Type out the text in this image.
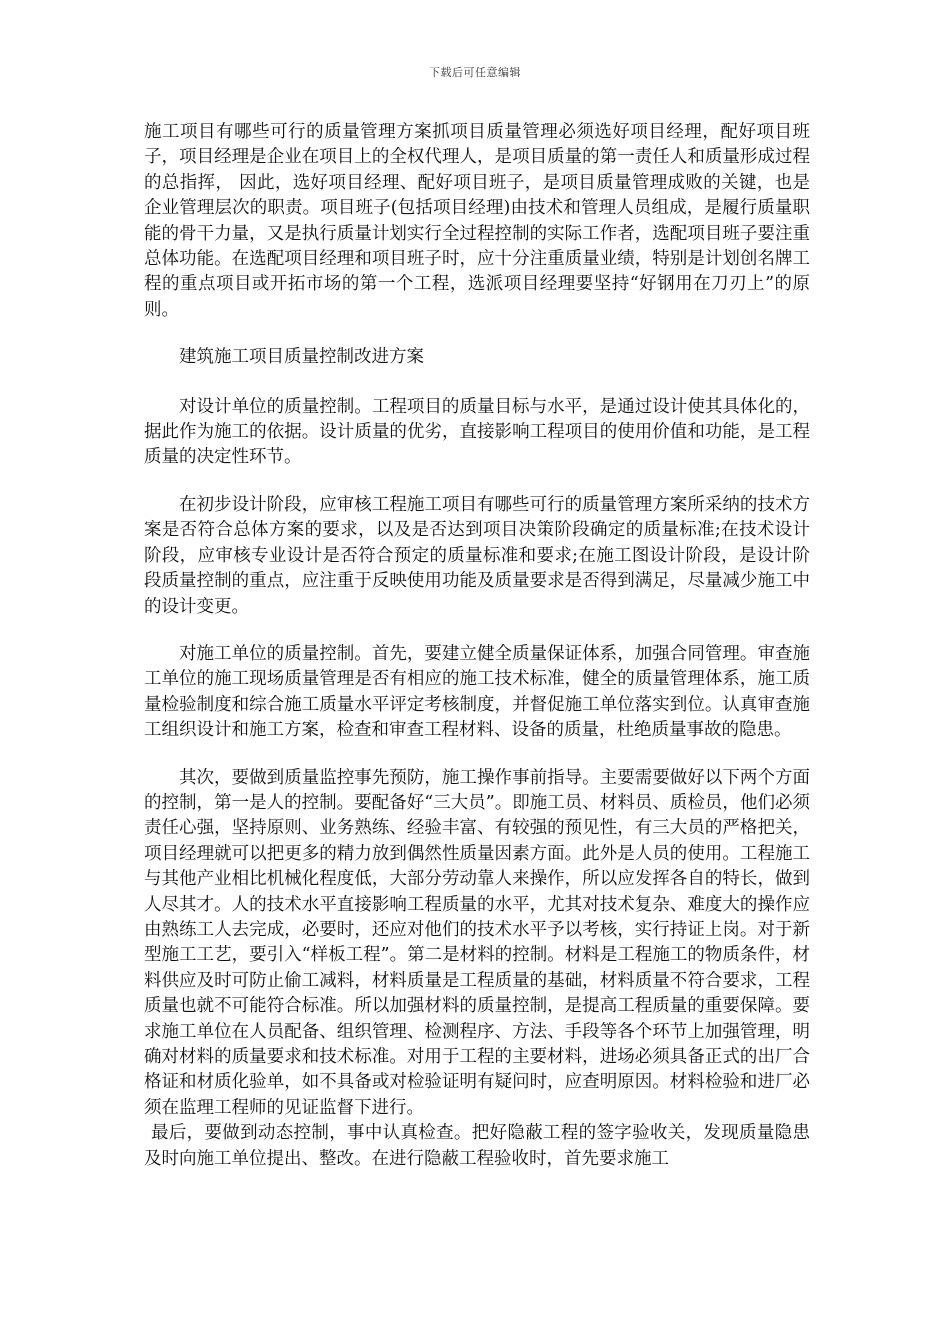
下载后可任意编辑

施工项目有哪些可行的质量管理方案抓项目质量管理必须选好项目经理，配好项目班子，项目经理是企业在项目上的全权代理人，是项目质量的第一责任人和质量形成过程的总指挥， 因此，选好项目经理、配好项目班子，是项目质量管理成败的关键，也是企业管理层次的职责。项目班子(包括项目经理)由技术和管理人员组成，是履行质量职能的骨干力量，又是执行质量计划实行全过程控制的实际工作者，选配项目班子要注重总体功能。在选配项目经理和项目班子时，应十分注重质量业绩，特别是计划创名牌工程的重点项目或开拓市场的第一个工程，选派项目经理要坚持“好钢用在刀刃上”的原则。

建筑施工项目质量控制改进方案

对设计单位的质量控制。工程项目的质量目标与水平，是通过设计使其具体化的，据此作为施工的依据。设计质量的优劣，直接影响工程项目的使用价值和功能，是工程质量的决定性环节。

在初步设计阶段，应审核工程施工项目有哪些可行的质量管理方案所采纳的技术方案是否符合总体方案的要求，以及是否达到项目决策阶段确定的质量标准;在技术设计阶段，应审核专业设计是否符合预定的质量标准和要求;在施工图设计阶段，是设计阶段质量控制的重点，应注重于反映使用功能及质量要求是否得到满足，尽量减少施工中的设计变更。

对施工单位的质量控制。首先，要建立健全质量保证体系，加强合同管理。审查施工单位的施工现场质量管理是否有相应的施工技术标准，健全的质量管理体系，施工质量检验制度和综合施工质量水平评定考核制度，并督促施工单位落实到位。认真审查施工组织设计和施工方案，检查和审查工程材料、设备的质量，杜绝质量事故的隐患。

其次，要做到质量监控事先预防，施工操作事前指导。主要需要做好以下两个方面的控制，第一是人的控制。要配备好“三大员”。即施工员、材料员、质检员，他们必须责任心强，坚持原则、业务熟练、经验丰富、有较强的预见性，有三大员的严格把关，项目经理就可以把更多的精力放到偶然性质量因素方面。此外是人员的使用。工程施工与其他产业相比机械化程度低，大部分劳动靠人来操作，所以应发挥各自的特长，做到人尽其才。人的技术水平直接影响工程质量的水平，尤其对技术复杂、难度大的操作应由熟练工人去完成，必要时，还应对他们的技术水平予以考核，实行持证上岗。对于新型施工工艺，要引入“样板工程”。第二是材料的控制。材料是工程施工的物质条件，材料供应及时可防止偷工减料，材料质量是工程质量的基础，材料质量不符合要求，工程质量也就不可能符合标准。所以加强材料的质量控制，是提高工程质量的重要保障。要求施工单位在人员配备、组织管理、检测程序、方法、手段等各个环节上加强管理，明确对材料的质量要求和技术标准。对用于工程的主要材料，进场必须具备正式的出厂合格证和材质化验单，如不具备或对检验证明有疑问时，应查明原因。材料检验和进厂必须在监理工程师的见证监督下进行。

最后，要做到动态控制，事中认真检查。把好隐蔽工程的签字验收关，发现质量隐患及时向施工单位提出、整改。在进行隐蔽工程验收时，首先要求施工
